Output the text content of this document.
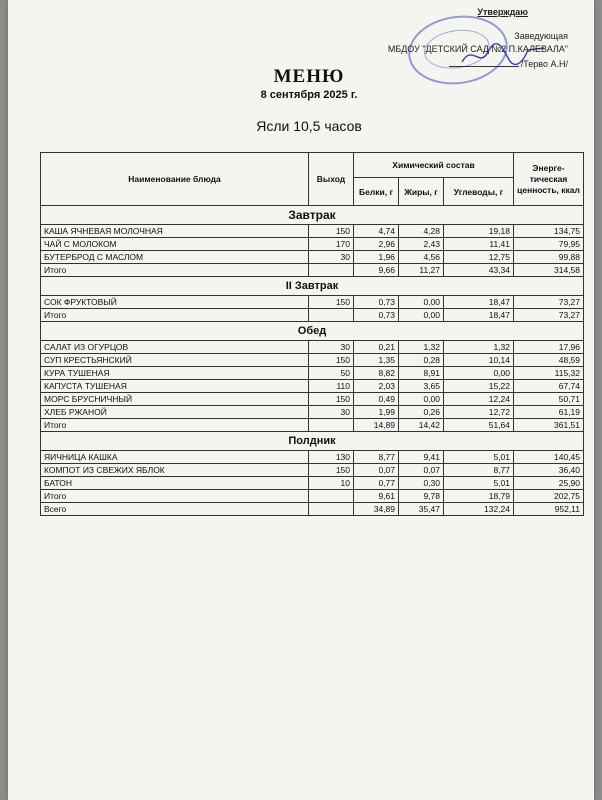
Утверждаю
Заведующая
МБДОУ "ДЕТСКИЙ САД №2 П.КАЛЕВАЛА"
/Терво А.Н/
МЕНЮ
8 сентября 2025 г.
Ясли 10,5 часов
Наименование блюда	Выход	Химический состав			Энерге-тическая ценность, ккал
		Белки, г	Жиры, г	Углеводы, г	
Завтрак					
КАША ЯЧНЕВАЯ МОЛОЧНАЯ	150	4,74	4,28	19,18	134,75
ЧАЙ С МОЛОКОМ	170	2,96	2,43	11,41	79,95
БУТЕРБРОД С МАСЛОМ	30	1,96	4,56	12,75	99,88
Итого		9,66	11,27	43,34	314,58
II Завтрак					
СОК ФРУКТОВЫЙ	150	0,73	0,00	18,47	73,27
Итого		0,73	0,00	18,47	73,27
Обед					
САЛАТ ИЗ ОГУРЦОВ	30	0,21	1,32	1,32	17,96
СУП КРЕСТЬЯНСКИЙ	150	1,35	0,28	10,14	48,59
КУРА ТУШЕНАЯ	50	8,82	8,91	0,00	115,32
КАПУСТА ТУШЕНАЯ	110	2,03	3,65	15,22	67,74
МОРС БРУСНИЧНЫЙ	150	0,49	0,00	12,24	50,71
ХЛЕБ РЖАНОЙ	30	1,99	0,26	12,72	61,19
Итого		14,89	14,42	51,64	361,51
Полдник					
ЯИЧНИЦА КАШКА	130	8,77	9,41	5,01	140,45
КОМПОТ ИЗ СВЕЖИХ ЯБЛОК	150	0,07	0,07	8,77	36,40
БАТОН	10	0,77	0,30	5,01	25,90
Итого		9,61	9,78	18,79	202,75
Всего		34,89	35,47	132,24	952,11
